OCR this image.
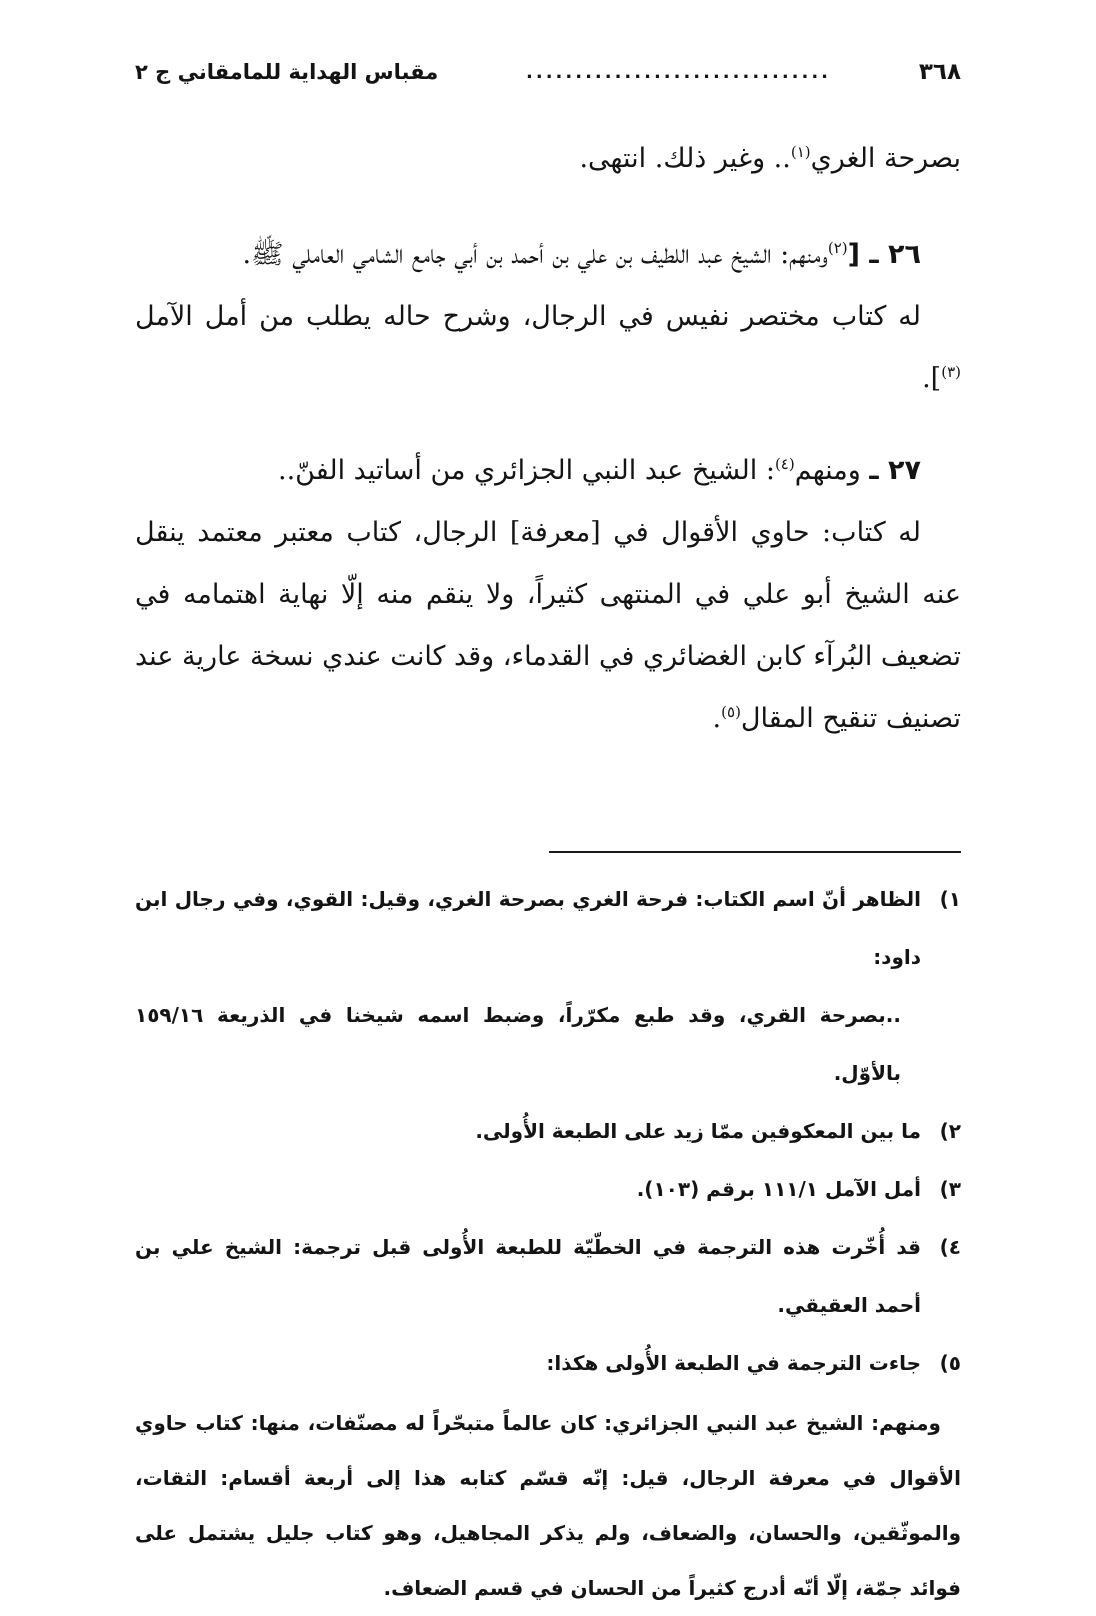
٣٦٨
...............................
مقباس الهداية للمامقاني ج ٢

بصرحة الغري$^{(١)}$.. وغير ذلك. انتهى.

٢٦ ـ [$^{(٢)}$ومنهم: الشيخ عبد اللطيف بن علي بن أحمد بن أبي جامع الشامي العاملي ﷺ.

له كتاب مختصر نفيس في الرجال، وشرح حاله يطلب من أمل الآمل $^{(٣)}$].

٢٧ ـ ومنهم$^{(٤)}$: الشيخ عبد النبي الجزائري من أساتيد الفنّ..

له كتاب: حاوي الأقوال في [معرفة] الرجال، كتاب معتبر معتمد ينقل عنه الشيخ أبو علي في المنتهى كثيراً، ولا ينقم منه إلّا نهاية اهتمامه في تضعيف البُرآء كابن الغضائري في القدماء، وقد كانت عندي نسخة عارية عند تصنيف تنقيح المقال$^{(٥)}$.

١)الظاهر أنّ اسم الكتاب: فرحة الغري بصرحة الغري، وقيل: القوي، وفي رجال ابن داود:

..بصرحة القري، وقد طبع مكرّراً، وضبط اسمه شيخنا في الذريعة ١٥٩/١٦ بالأوّل.

٢)ما بين المعكوفين ممّا زيد على الطبعة الأُولى.

٣)أمل الآمل ١١١/١ برقم (١٠٣).

٤)قد أُخّرت هذه الترجمة في الخطّيّة للطبعة الأُولى قبل ترجمة: الشيخ علي بن أحمد العقيقي.

٥)جاءت الترجمة في الطبعة الأُولى هكذا:

ومنهم: الشيخ عبد النبي الجزائري: كان عالماً متبحّراً له مصنّفات، منها: كتاب حاوي الأقوال في معرفة الرجال، قيل: إنّه قسّم كتابه هذا إلى أربعة أقسام: الثقات، والموثّقين، والحسان، والضعاف، ولم يذكر المجاهيل، وهو كتاب جليل يشتمل على فوائد جمّة، إلّا أنّه أدرج كثيراً من الحسان في قسم الضعاف.
